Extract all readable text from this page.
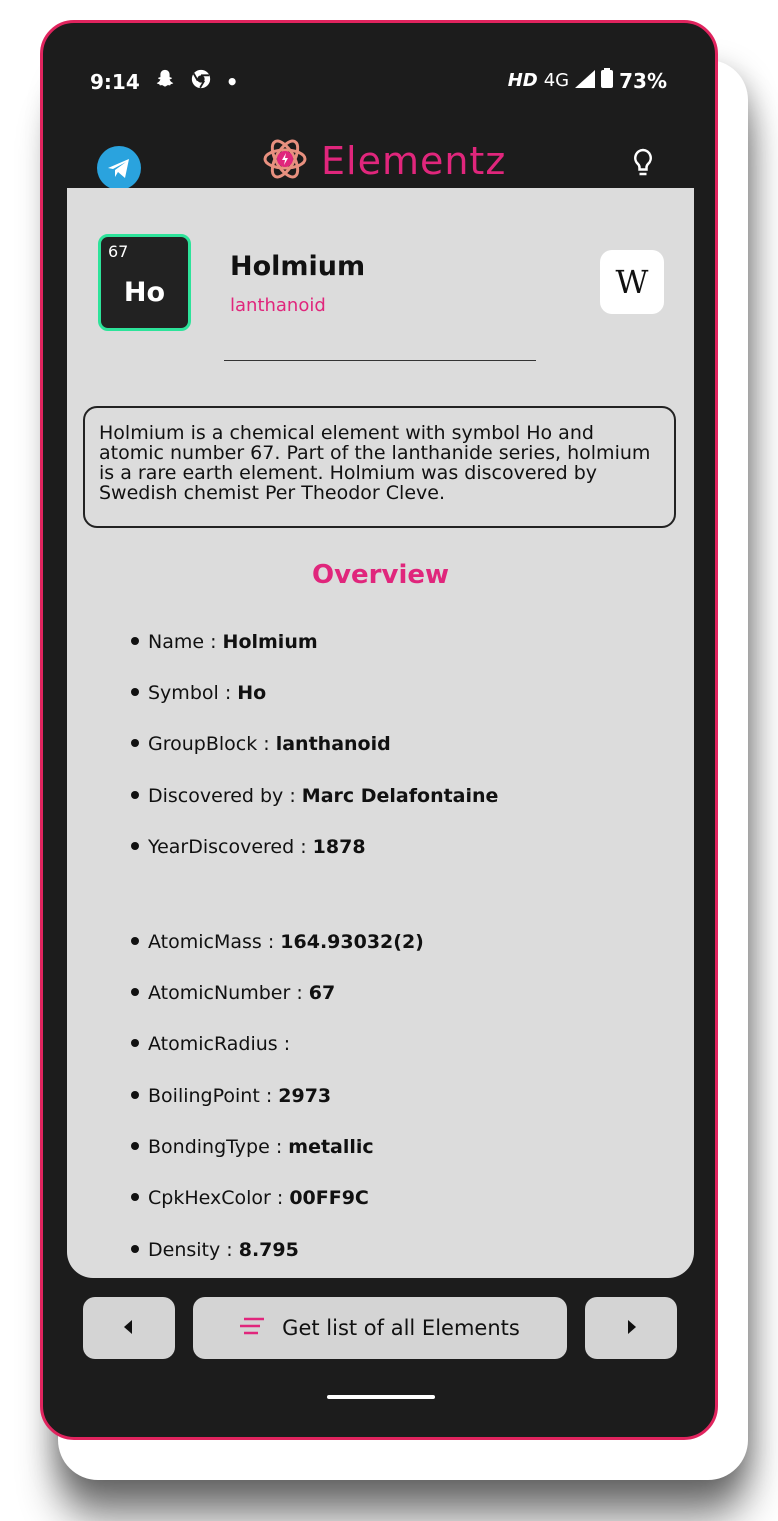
9:14	•	HD 4G	73%
Elementz
67
Ho
Holmium
lanthanoid
W
Holmium is a chemical element with symbol Ho and atomic number 67. Part of the lanthanide series, holmium is a rare earth element. Holmium was discovered by Swedish chemist Per Theodor Cleve.
Overview
Name : Holmium
Symbol : Ho
GroupBlock : lanthanoid
Discovered by : Marc Delafontaine
YearDiscovered : 1878
AtomicMass : 164.93032(2)
AtomicNumber : 67
AtomicRadius :
BoilingPoint : 2973
BondingType : metallic
CpkHexColor : 00FF9C
Density : 8.795
Get list of all Elements
